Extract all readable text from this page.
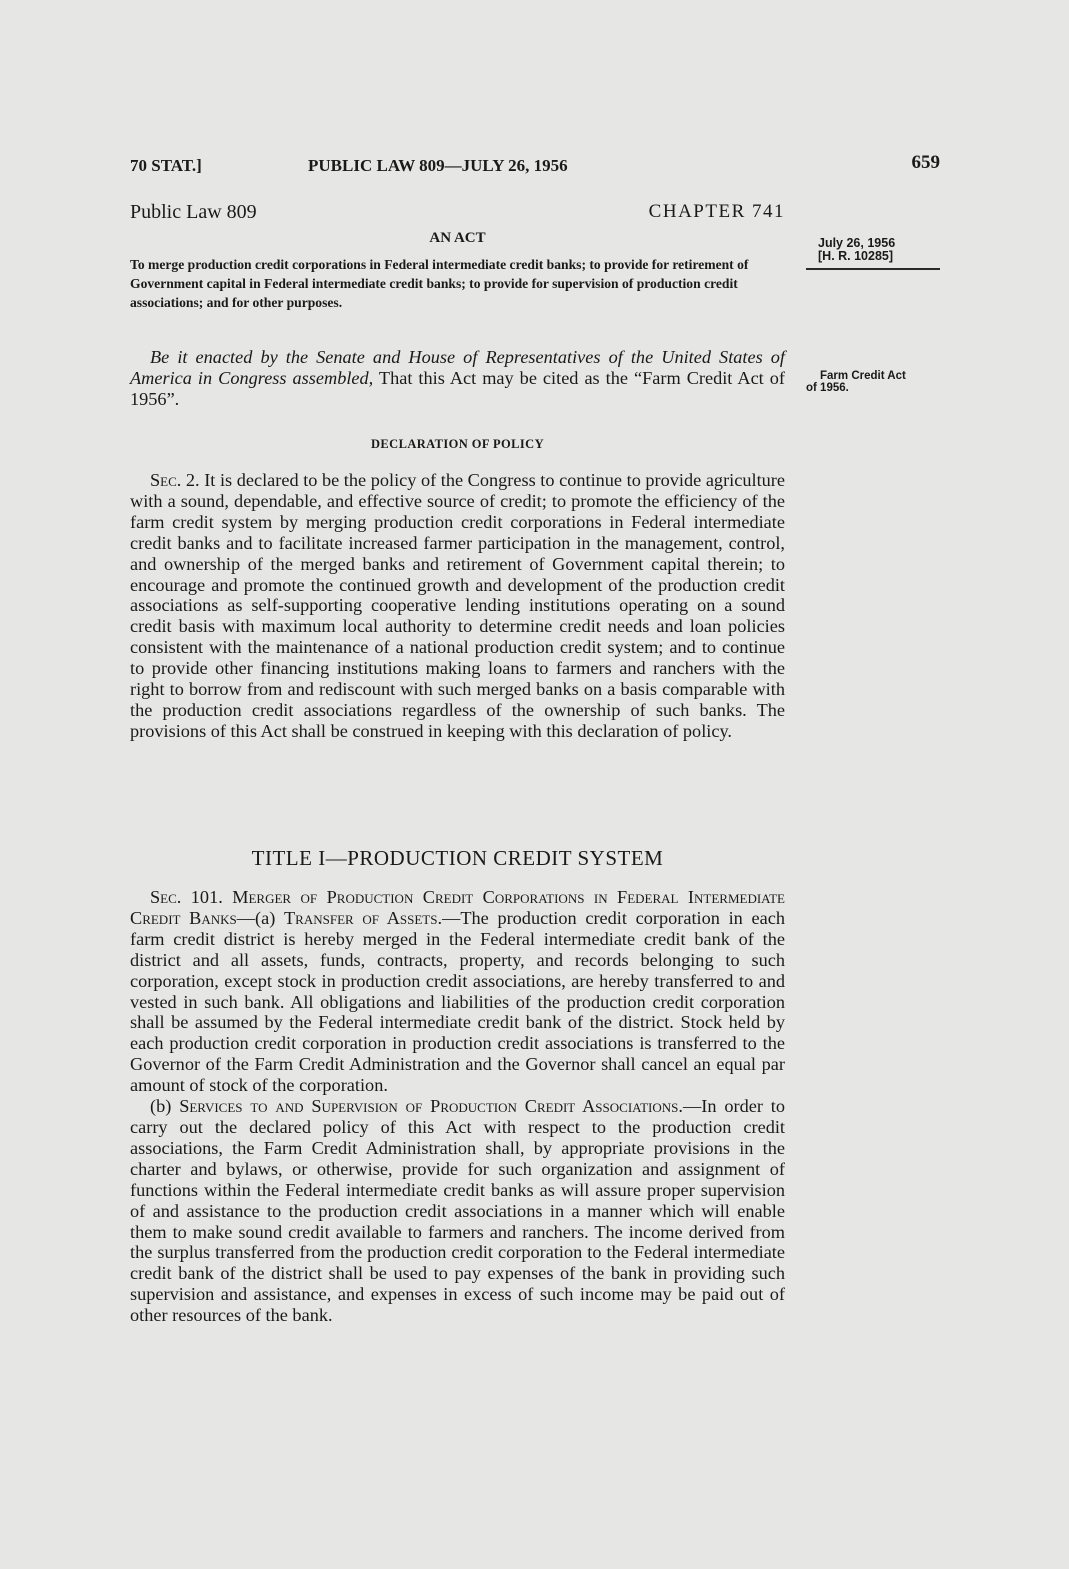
70 STAT.]	PUBLIC LAW 809—JULY 26, 1956	659
Public Law 809	CHAPTER 741
AN ACT
To merge production credit corporations in Federal intermediate credit banks; to provide for retirement of Government capital in Federal intermediate credit banks; to provide for supervision of production credit associations; and for other purposes.
July 26, 1956
[H. R. 10285]
Farm Credit Act
of 1956.

Be it enacted by the Senate and House of Representatives of the United States of America in Congress assembled, That this Act may be cited as the “Farm Credit Act of 1956”.

DECLARATION OF POLICY

Sec. 2. It is declared to be the policy of the Congress to continue to provide agriculture with a sound, dependable, and effective source of credit; to promote the efficiency of the farm credit system by merging production credit corporations in Federal intermediate credit banks and to facilitate increased farmer participation in the management, control, and ownership of the merged banks and retirement of Government capital therein; to encourage and promote the continued growth and development of the production credit associations as self-supporting cooperative lending institutions operating on a sound credit basis with maximum local authority to determine credit needs and loan policies consistent with the maintenance of a national production credit system; and to continue to provide other financing institutions making loans to farmers and ranchers with the right to borrow from and rediscount with such merged banks on a basis comparable with the production credit associations regardless of the ownership of such banks. The provisions of this Act shall be construed in keeping with this declaration of policy.

TITLE I—PRODUCTION CREDIT SYSTEM

Sec. 101. Merger of Production Credit Corporations in Federal Intermediate Credit Banks—(a) Transfer of Assets.—The production credit corporation in each farm credit district is hereby merged in the Federal intermediate credit bank of the district and all assets, funds, contracts, property, and records belonging to such corporation, except stock in production credit associations, are hereby transferred to and vested in such bank. All obligations and liabilities of the production credit corporation shall be assumed by the Federal intermediate credit bank of the district. Stock held by each production credit corporation in production credit associations is transferred to the Governor of the Farm Credit Administration and the Governor shall cancel an equal par amount of stock of the corporation.

(b) Services to and Supervision of Production Credit Associations.—In order to carry out the declared policy of this Act with respect to the production credit associations, the Farm Credit Administration shall, by appropriate provisions in the charter and bylaws, or otherwise, provide for such organization and assignment of functions within the Federal intermediate credit banks as will assure proper supervision of and assistance to the production credit associations in a manner which will enable them to make sound credit available to farmers and ranchers. The income derived from the surplus transferred from the production credit corporation to the Federal intermediate credit bank of the district shall be used to pay expenses of the bank in providing such supervision and assistance, and expenses in excess of such income may be paid out of other resources of the bank.
